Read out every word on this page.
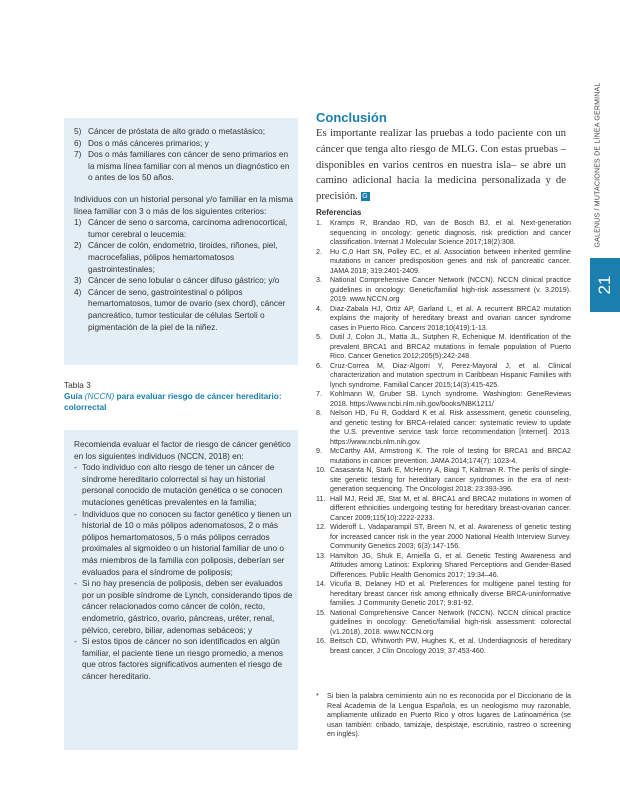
5) Cáncer de próstata de alto grado o metastásico;
6) Dos o más cánceres primarios; y
7) Dos o más familiares con cáncer de seno primarios en la misma línea familiar con al menos un diagnóstico en o antes de los 50 años.

Individuos con un historial personal y/o familiar en la misma línea familiar con 3 o más de los siguientes criterios:

1) Cáncer de seno o sarcoma, carcinoma adrenocortical, tumor cerebral o leucemia:
2) Cáncer de colón, endometrio, tiroides, riñones, piel, macrocefalias, pólipos hemartomatosos gastrointestinales;
3) Cáncer de seno lobular o cáncer difuso gástrico; y/o
4) Cáncer de seno, gastrointestinal o pólipos hemartomatosos, tumor de ovario (sex chord), cáncer pancreático, tumor testicular de células Sertoli o pigmentación de la piel de la niñez.
Tabla 3
Guía (NCCN) para evaluar riesgo de cáncer hereditario: colorrectal

Recomienda evaluar el factor de riesgo de cáncer genético en los siguientes individuos (NCCN, 2018) en:

- Todo individuo con alto riesgo de tener un cáncer de síndrome hereditario colorrectal si hay un historial personal conocido de mutación genética o se conocen mutaciones genéticas prevalentes en la familia;
- Individuos que no conocen su factor genético y tienen un historial de 10 o más pólipos adenomatosos, 2 o más pólipos hemartomatosos, 5 o más pólipos cerrados proximales al sigmoideo o un historial familiar de uno o más miembros de la familia con poliposis, deberían ser evaluados para el síndrome de poliposis;
- Si no hay presencia de poliposis, deben ser evaluados por un posible síndrome de Lynch, considerando tipos de cáncer relacionados como cáncer de colón, recto, endometrio, gástrico, ovario, páncreas, uréter, renal, pélvico, cerebro, biliar, adenomas sebáceos; y
- Si estos tipos de cáncer no son identificados en algún familiar, el paciente tiene un riesgo promedio, a menos que otros factores significativos aumenten el riesgo de cáncer hereditario.
Conclusión
Es importante realizar las pruebas a todo paciente con un cáncer que tenga alto riesgo de MLG. Con estas pruebas –disponibles en varios centros en nuestra isla– se abre un camino adicional hacia la medicina personalizada y de precisión. G
Referencias
1.	Kramps R, Brandao RD, van de Bosch BJ, et al. Next-generation sequencing in oncology: genetic diagnosis, risk prediction and cancer classification. Internat J Molecular Science 2017;18(2):308.
2.	Hu C,0 Hart SN, Polley EC, et al. Association between inherited germline mutations in cancer predisposition genes and risk of pancreatic cancer. JAMA 2018; 319:2401-2409.
3.	National Comprehensive Cancer Network (NCCN). NCCN clinical practice guidelines in oncology: Genetic/familial high-risk assessment (v. 3.2019). 2019. www.NCCN.org
4.	Diaz-Zabala HJ, Ortiz AP, Garland L, et al. A recurrent BRCA2 mutation explains the majority of hereditary breast and ovarian cancer syndrome cases in Puerto Rico. Cancers 2018;10(419):1-13.
5.	Dutil J, Colon JL, Matta JL, Sutphen R, Echenique M. Identification of the prevalent BRCA1 and BRCA2 mutations in female population of Puerto Rico. Cancer Genetics 2012;205(5):242-248.
6.	Cruz-Correa M, Diaz-Algorri Y, Perez-Mayoral J, et al. Clinical characterization and mutation spectrum in Caribbean Hispanic Families with lynch syndrome. Familial Cancer 2015;14(3):415-425.
7.	Kohlmann W, Gruber SB. Lynch syndrome. Washington: GeneReviews 2018. https://www.ncbi.nlm.nih.gov/books/NBK1211/
8.	Nelson HD, Fu R, Goddard K et al. Risk assessment, genetic counseling, and genetic testing for BRCA-related cancer: systematic review to update the U.S. preventive service task force recommendation [Internet]. 2013. https://www.ncbi.nlm.nih.gov.
9.	McCarthy AM, Armstrong K. The role of testing for BRCA1 and BRCA2 mutations in cancer prevention. JAMA 2014;174(7): 1023-4.
10. Casasanta N, Stark E, McHenry A, Biagi T, Kaltman R. The perils of single-site genetic testing for hereditary cancer syndromes in the era of next-generation sequencing. The Oncologist 2018; 23:393-396.
11. Hall MJ, Reid JE, Stat M, et al. BRCA1 and BRCA2 mutations in women of different ethnicities undergoing testing for hereditary breast-ovarian cancer. Cancer 2009;115(10):2222-2233.
12. Wideroff L, Vadaparampil ST, Breen N, et al. Awareness of genetic testing for increased cancer risk in the year 2000 National Health Interview Survey. Community Genetics 2003; 6(3):147-156.
13. Hamilton JG, Shuk E, Arniella G, et al. Genetic Testing Awareness and Attitudes among Latinos: Exploring Shared Perceptions and Gender-Based Differences. Public Health Genomics 2017; 19:34–46.
14. Vicuña B, Delaney HD et al. Preferences for multigene panel testing for hereditary breast cancer risk among ethnically diverse BRCA-uninformative families. J Community Genetic 2017; 9:81-92.
15. National Comprehensive Cancer Network (NCCN). NCCN clinical practice guidelines in oncology: Genetic/familial high-risk assessment: colorectal (v1.2018). 2018. www.NCCN.org
16. Beitsch CD, Whitworth PW, Hughes K, et al. Underdiagnosis of hereditary breast cancer. J Clin Oncology 2019; 37:453-460.
*	Si bien la palabra cernimiento aún no es reconocida por el Diccionario de la Real Academia de la Lengua Española, es un neologismo muy razonable, ampliamente utilizado en Puerto Rico y otros lugares de Latinoamérica (se usan también: cribado, tamizaje, despistaje, escrutinio, rastreo o screening en inglés).
GALENUS / MUTACIONES DE LÍNEA GERMINAL
21
